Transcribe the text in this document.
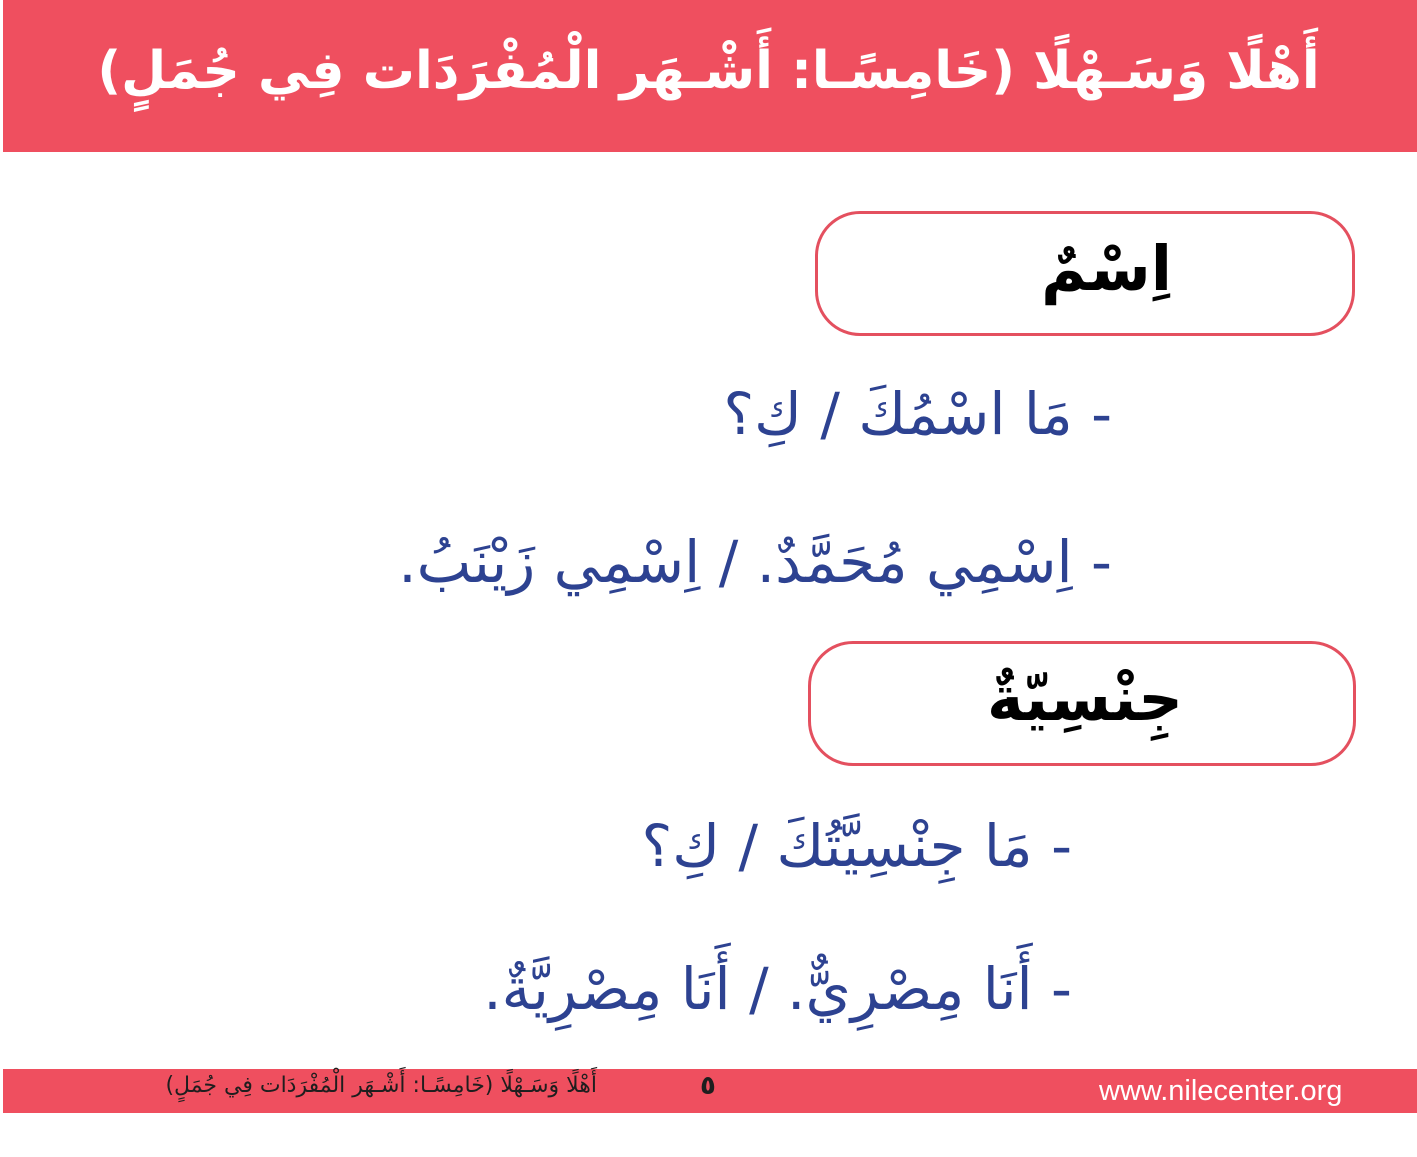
أَهْلًا وَسَـهْلًا (خَامِسًـا: أَشْـهَر الْمُفْرَدَات فِي جُمَلٍ)
اِسْمٌ
- مَا اسْمُكَ / كِ؟
- اِسْمِي مُحَمَّدٌ. / اِسْمِي زَيْنَبُ.
جِنْسِيّةٌ
- مَا جِنْسِيَّتُكَ / كِ؟
- أَنَا مِصْرِيٌّ. / أَنَا مِصْرِيَّةٌ.
أَهْلًا وَسَـهْلًا (خَامِسًـا: أَشْـهَر الْمُفْرَدَات فِي جُمَلٍ)	٥	www.nilecenter.org
